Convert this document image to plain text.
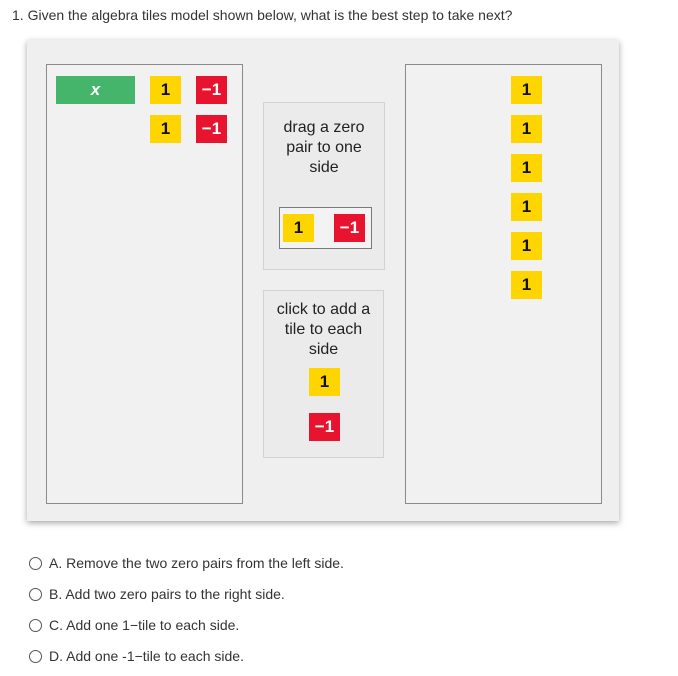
1. Given the algebra tiles model shown below, what is the best step to take next?
x	1	−1
1	−1	drag a zero pair to one side
1	−1
click to add a tile to each side
1
−1
1
1
1
1
1
1
A. Remove the two zero pairs from the left side.
B. Add two zero pairs to the right side.
C. Add one 1−tile to each side.
D. Add one -1−tile to each side.
